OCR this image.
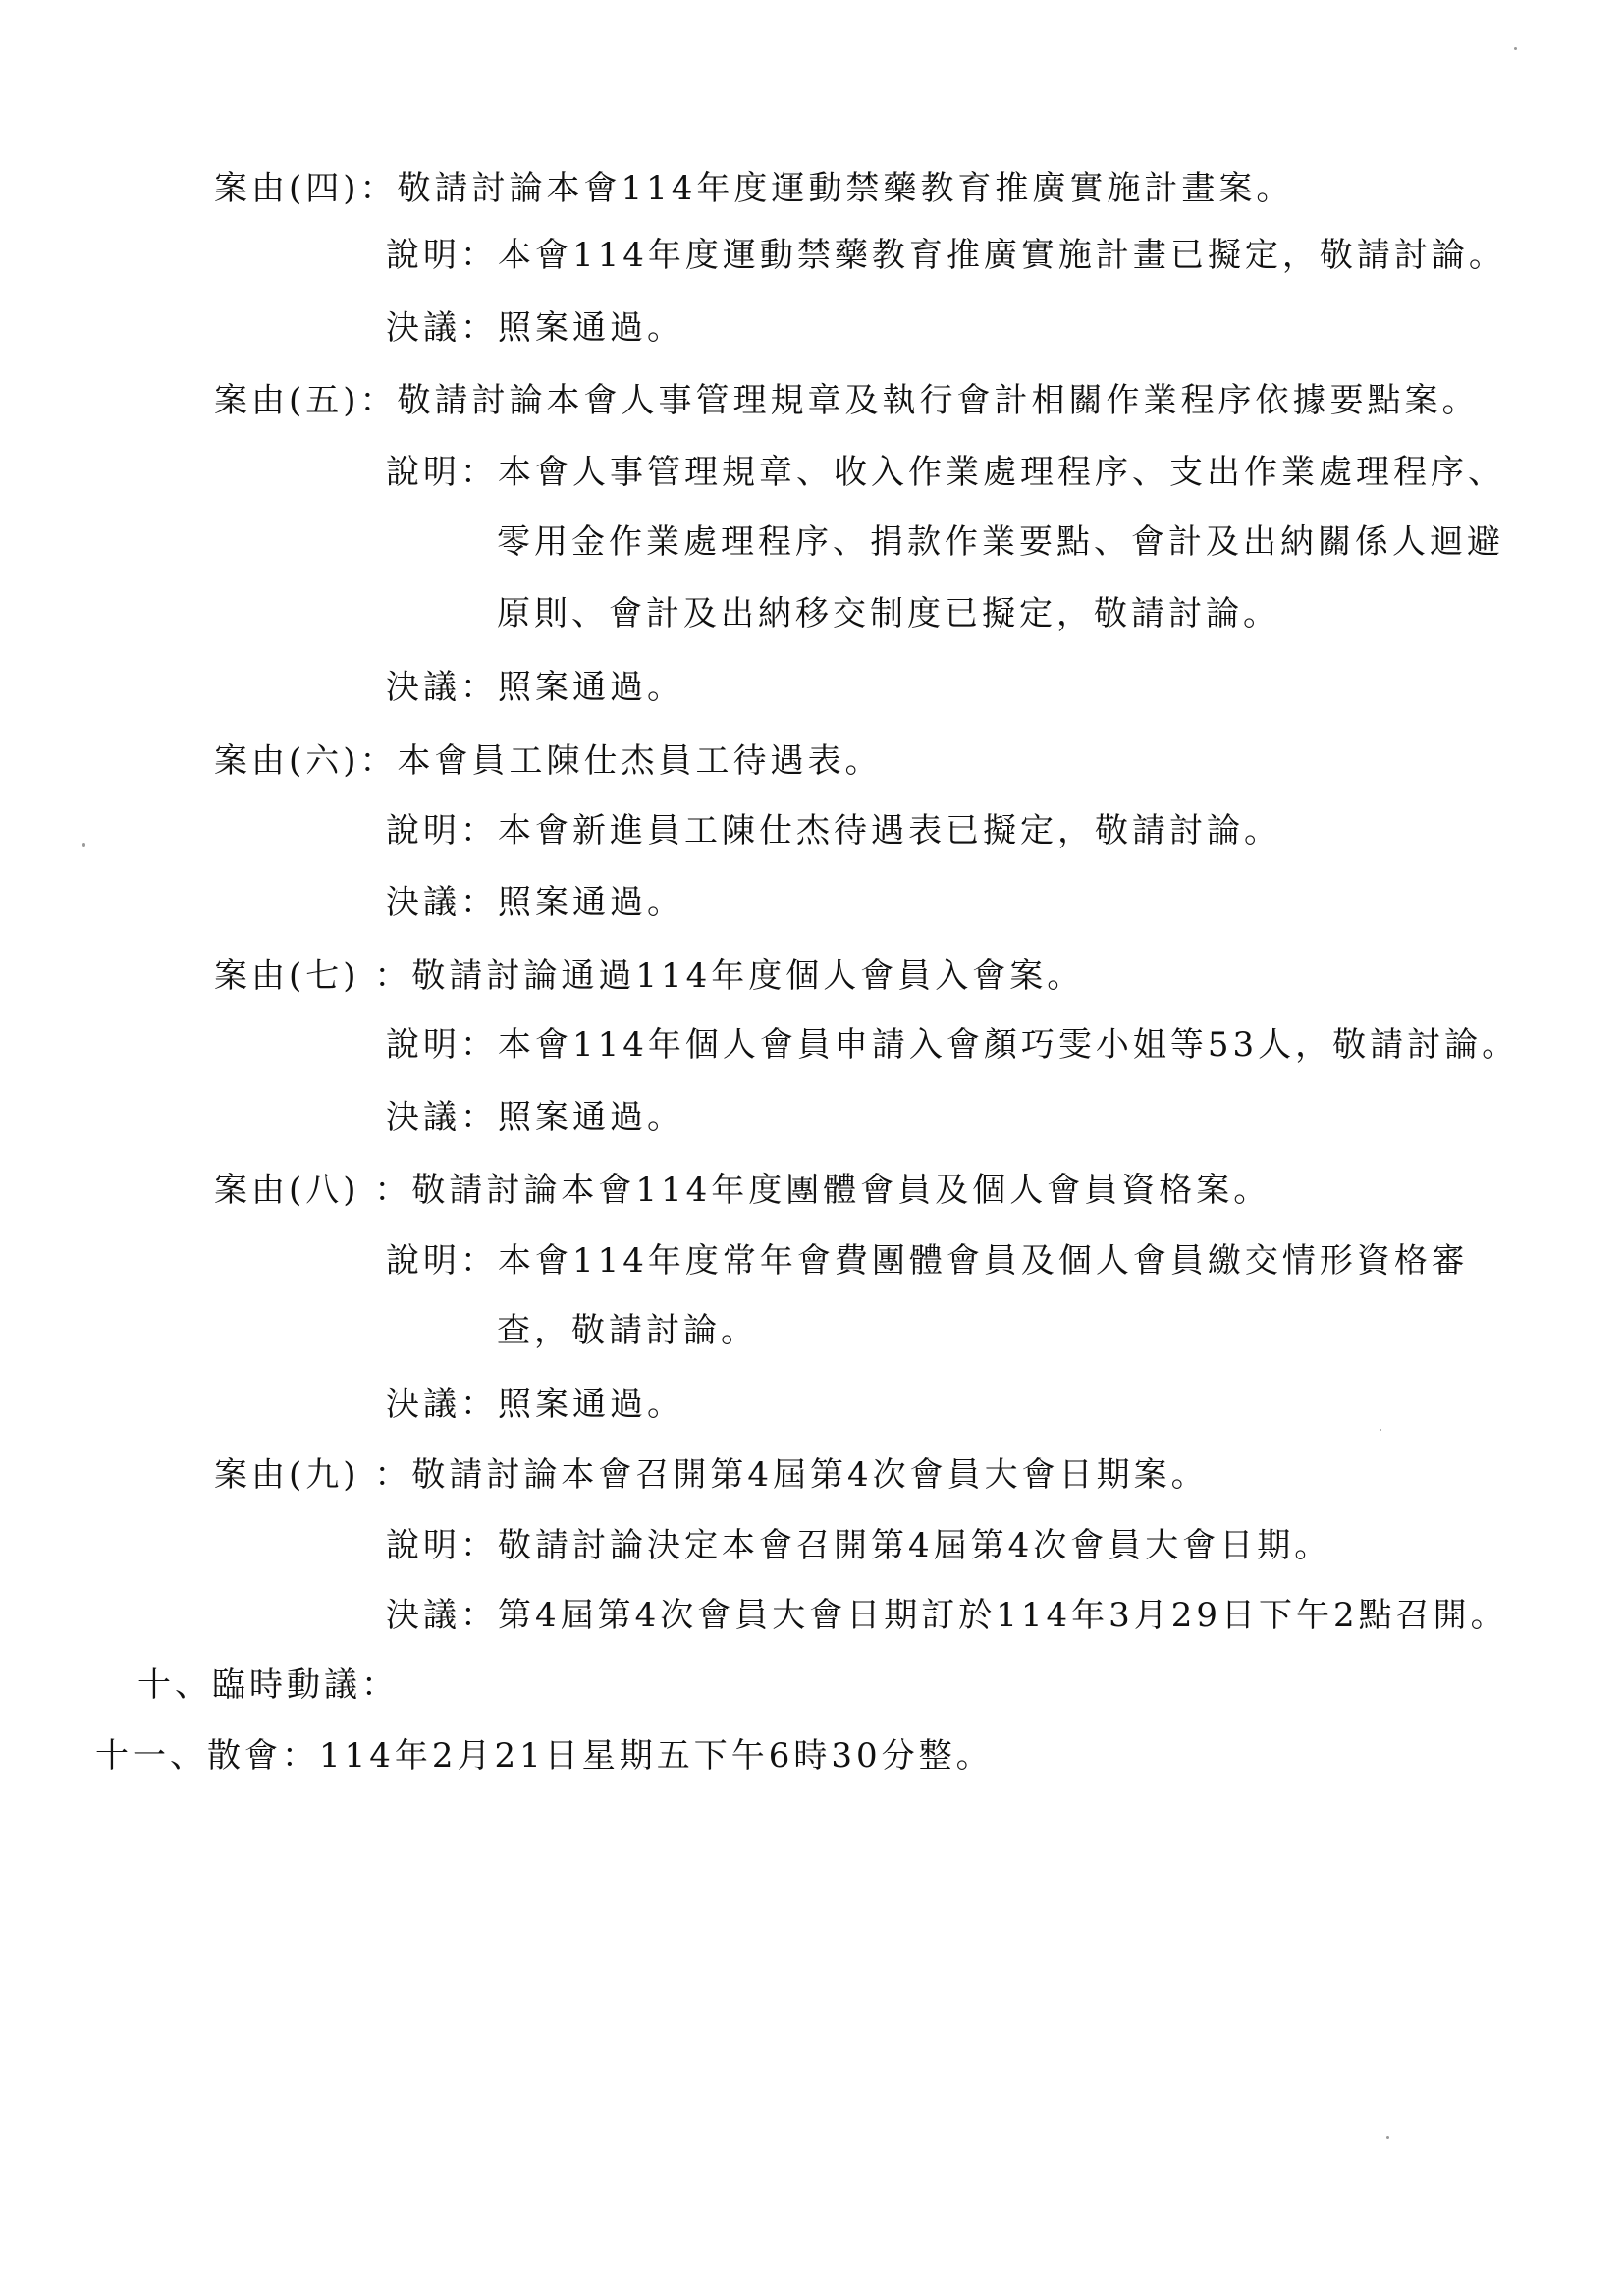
案由(四)：敬請討論本會114年度運動禁藥教育推廣實施計畫案。
說明：本會114年度運動禁藥教育推廣實施計畫已擬定，敬請討論。
決議：照案通過。
案由(五)：敬請討論本會人事管理規章及執行會計相關作業程序依據要點案。
說明：本會人事管理規章、收入作業處理程序、支出作業處理程序、
零用金作業處理程序、捐款作業要點、會計及出納關係人迴避
原則、會計及出納移交制度已擬定，敬請討論。
決議：照案通過。
案由(六)：本會員工陳仕杰員工待遇表。
說明：本會新進員工陳仕杰待遇表已擬定，敬請討論。
決議：照案通過。
案由(七) ：敬請討論通過114年度個人會員入會案。
說明：本會114年個人會員申請入會顏巧雯小姐等53人，敬請討論。
決議：照案通過。
案由(八) ：敬請討論本會114年度團體會員及個人會員資格案。
說明：本會114年度常年會費團體會員及個人會員繳交情形資格審
查，敬請討論。
決議：照案通過。
案由(九) ：敬請討論本會召開第4屆第4次會員大會日期案。
說明：敬請討論決定本會召開第4屆第4次會員大會日期。
決議：第4屆第4次會員大會日期訂於114年3月29日下午2點召開。
十、臨時動議：
十一、散會：114年2月21日星期五下午6時30分整。
